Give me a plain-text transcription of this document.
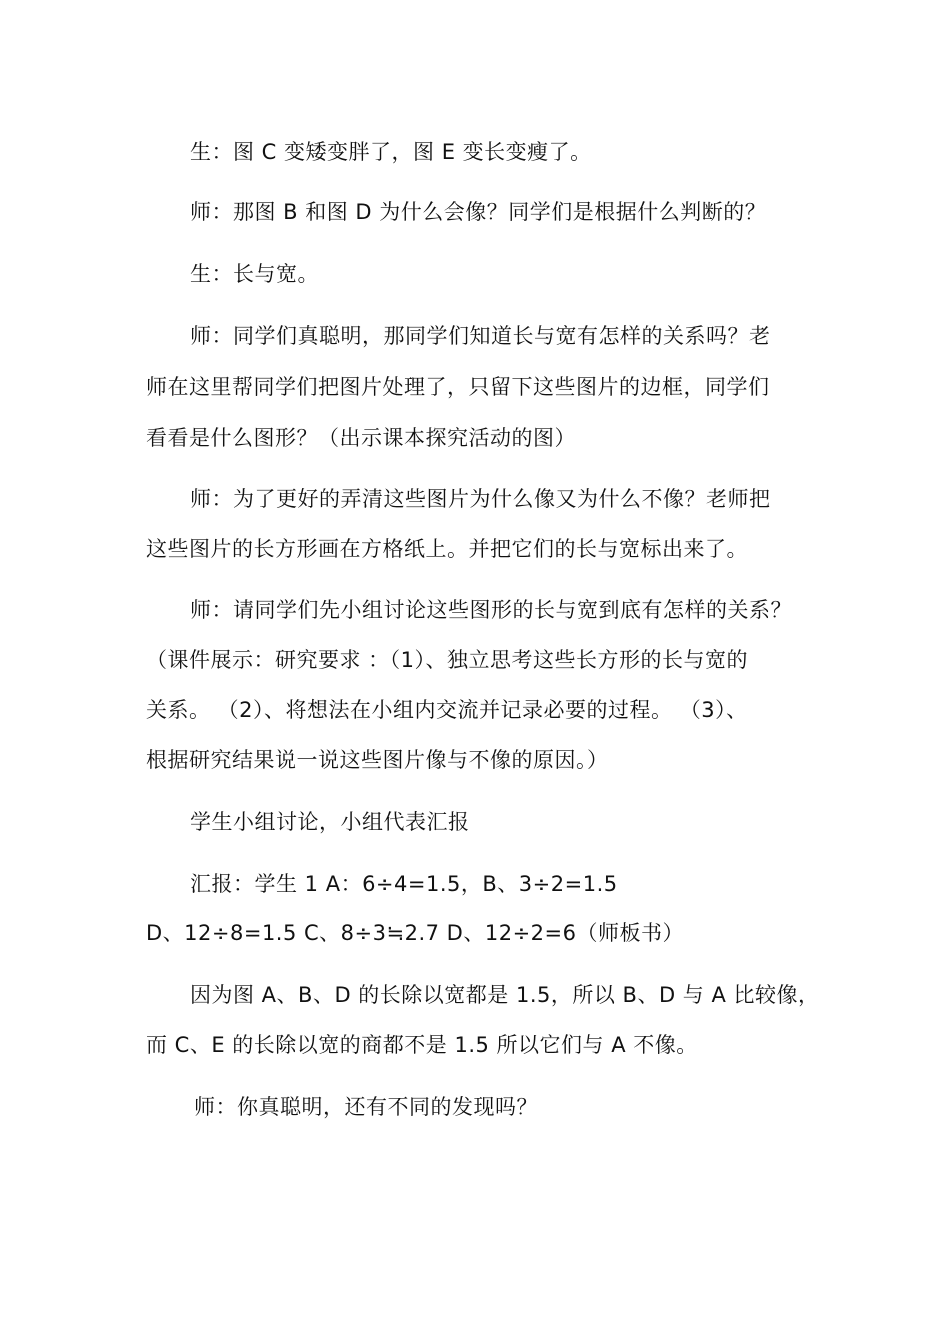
生：图 C 变矮变胖了，图 E 变长变瘦了。
师：那图 B 和图 D 为什么会像？同学们是根据什么判断的？
生：长与宽。
师：同学们真聪明，那同学们知道长与宽有怎样的关系吗？老
师在这里帮同学们把图片处理了，只留下这些图片的边框，同学们
看看是什么图形？（出示课本探究活动的图）
师：为了更好的弄清这些图片为什么像又为什么不像？老师把
这些图片的长方形画在方格纸上。并把它们的长与宽标出来了。
师：请同学们先小组讨论这些图形的长与宽到底有怎样的关系？
（课件展示：研究要求 ：（1）、独立思考这些长方形的长与宽的
关系。 （2）、将想法在小组内交流并记录必要的过程。 （3）、
根据研究结果说一说这些图片像与不像的原因。）
学生小组讨论，小组代表汇报
汇报：学生 1 A：6÷4=1.5，B、3÷2=1.5
D、12÷8=1.5 C、8÷3≒2.7 D、12÷2=6（师板书）
因为图 A、B、D 的长除以宽都是 1.5，所以 B、D 与 A 比较像，
而 C、E 的长除以宽的商都不是 1.5 所以它们与 A 不像。
师：你真聪明，还有不同的发现吗？
